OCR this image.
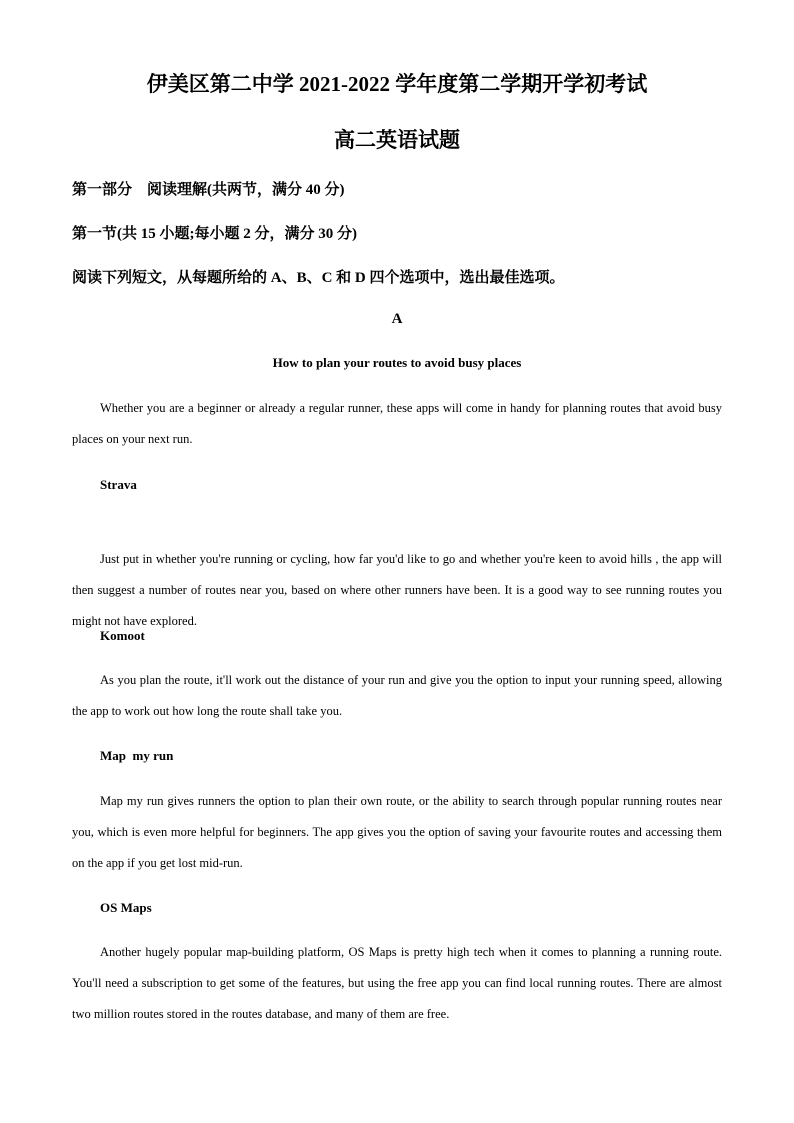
伊美区第二中学 2021-2022 学年度第二学期开学初考试
高二英语试题
第一部分　阅读理解(共两节，满分 40 分)
第一节(共 15 小题;每小题 2 分，满分 30 分)
阅读下列短文，从每题所给的 A、B、C 和 D 四个选项中，选出最佳选项。
A
How to plan your routes to avoid busy places

Whether you are a beginner or already a regular runner, these apps will come in handy for planning routes that avoid busy places on your next run.

Strava

Just put in whether you're running or cycling, how far you'd like to go and whether you're keen to avoid hills , the app will then suggest a number of routes near you, based on where other runners have been. It is a good way to see running routes you might not have explored.

Komoot

As you plan the route, it'll work out the distance of your run and give you the option to input your running speed, allowing the app to work out how long the route shall take you.

Map  my run

Map my run gives runners the option to plan their own route, or the ability to search through popular running routes near you, which is even more helpful for beginners. The app gives you the option of saving your favourite routes and accessing them on the app if you get lost mid-run.

OS Maps

Another hugely popular map-building platform, OS Maps is pretty high tech when it comes to planning a running route. You'll need a subscription to get some of the features, but using the free app you can find local running routes. There are almost two million routes stored in the routes database, and many of them are free.
